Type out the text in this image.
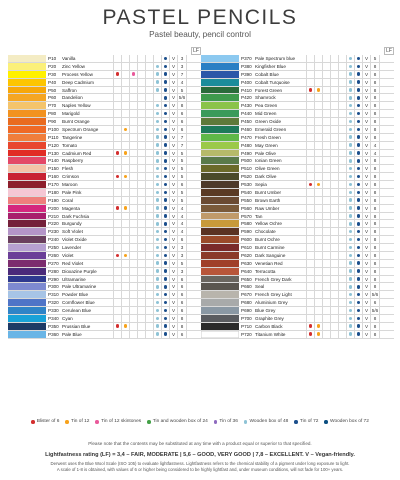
PASTEL PENCILS
Pastel beauty, pencil control
LF
P10 Vanilla	V	3
P20 Zinc Yellow	V	3
P30 Process Yellow	V	7
P40 Deep Cadmium	V	4
P50 Saffron	V	5
P60 Dandelion	V 5/6
P70 Naples Yellow	V	8
P80 Marigold	V	6
P90 Burnt Orange	V	6
P100 Spectrum Orange	V	6
P110 Tangerine	V	7
P120 Tomato	V	7
P130 Cadmium Red	V	5
P140 Raspberry	V	5
P150 Flesh	V	5
P160 Crimson	V	5
P170 Maroon	V	6
P180 Pale Pink	V	5
P190 Coral	V	5
P200 Magenta	V	4
P210 Dark Fuchsia	V	4
P220 Burgundy	V	4
P230 Soft Violet	V	4
P240 Violet Oxide	V	6
P250 Lavender	V	3
P260 Violet	V	3
P270 Red Violet	V	5
P280 Dioxazine Purple	V	3
P290 Ultramarine	V	6
P300 Pale Ultramarine	V	6
P310 Powder Blue	V	6
P320 Cornflower Blue	V	6
P330 Cerulean Blue	V	6
P340 Cyan	V	8
P350 Prussian Blue	V	8
P360 Pale Blue	V	6
LF
P370 Pale Spectrum blue	V	5
P380 Kingfisher Blue	V	8
P390 Cobalt Blue	V	8
P400 Cobalt Turquoise	V	8
P410 Forest Green	V	8
P420 Shamrock	V	8
P430 Pea Green	V	8
P440 Mid Green	V	8
P450 Green Oxide	V	8
P460 Emerald Green	V	8
P470 Fresh Green	V	8
P480 May Green	V	4
P490 Pale Olive	V	4
P500 Ionian Green	V	8
P510 Olive Green	V	8
P520 Dark Olive	V	8
P530 Sepia	V	8
P540 Burnt Umber	V	8
P550 Brown Earth	V	8
P560 Raw Umber	V	8
P570 Tan	V	8
P580 Yellow Ochre	V	8
P590 Chocolate	V	8
P600 Burnt Ochre	V	8
P610 Burnt Carmine	V	8
P620 Dark Sanguine	V	8
P630 Venetian Red	V	8
P640 Terracotta	V	8
P650 French Grey Dark	V	8
P660 Seal	V	8
P670 French Grey Light	V 5/6
P680 Aluminium Grey	V	6
P690 Blue Grey	V 5/6
P700 Graphite Grey	V	8
P710 Carbon Black	V	8
P720 Titanium White	V	8
Blister of 6 Tin of 12 Tin of 12 skintones Tin and wooden box of 24 Tin of 36 Wooden box of 48 Tin of 72 Wooden box of 72
Please note that the contents may be substituted at any time with a product equal or superior to that specified.
Lightfastness rating (LF) = 3,4 – FAIR, MODERATE | 5,6 – GOOD, VERY GOOD | 7,8 – EXCELLENT. V – Vegan-friendly.
Derwent uses the Blue Wool Scale (ISO 105) to evaluate lightfastness. Lightfastness refers to the chemical stability of a pigment under long exposure to light.
A scale of 1-8 is obtained, with values of 6 or higher being considered to be highly lightfast and, under museum conditions, will not fade for 100+ years.
